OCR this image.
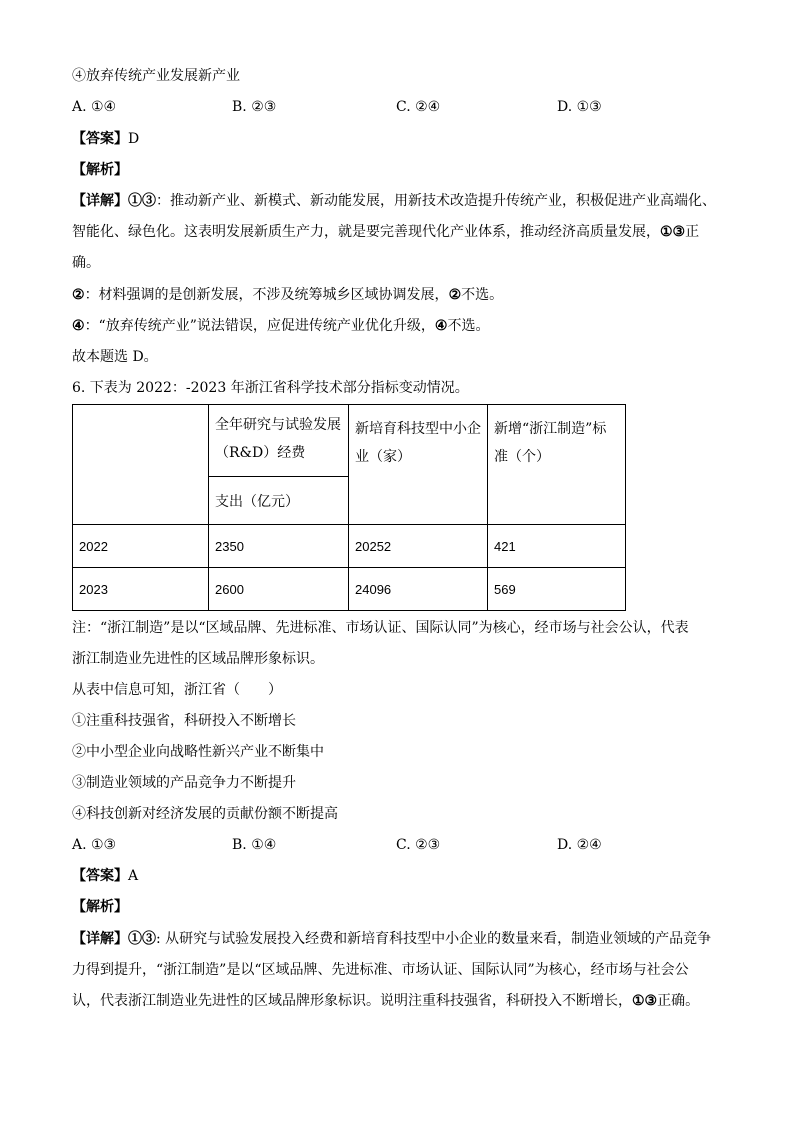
④放弃传统产业发展新产业
A. ①④	B. ②③	C. ②④	D. ①③
【答案】D
【解析】
【详解】①③：推动新产业、新模式、新动能发展，用新技术改造提升传统产业，积极促进产业高端化、
智能化、绿色化。这表明发展新质生产力，就是要完善现代化产业体系，推动经济高质量发展，①③正
确。
②：材料强调的是创新发展，不涉及统筹城乡区域协调发展，②不选。
④：“放弃传统产业”说法错误，应促进传统产业优化升级，④不选。
故本题选 D。
6. 下表为 2022：-2023 年浙江省科学技术部分指标变动情况。
	全年研究与试验发展（R&D）经费	新培育科技型中小企业（家）	新增“浙江制造”标准（个）
	支出（亿元）		
2022	2350	20252	421
2023	2600	24096	569
注：“浙江制造”是以“区域品牌、先进标准、市场认证、国际认同”为核心，经市场与社会公认，代表
浙江制造业先进性的区域品牌形象标识。
从表中信息可知，浙江省（　　）
①注重科技强省，科研投入不断增长
②中小型企业向战略性新兴产业不断集中
③制造业领域的产品竞争力不断提升
④科技创新对经济发展的贡献份额不断提高
A. ①③	B. ①④	C. ②③	D. ②④
【答案】A
【解析】
【详解】①③: 从研究与试验发展投入经费和新培育科技型中小企业的数量来看，制造业领域的产品竞争
力得到提升，“浙江制造”是以“区域品牌、先进标准、市场认证、国际认同”为核心，经市场与社会公
认，代表浙江制造业先进性的区域品牌形象标识。说明注重科技强省，科研投入不断增长，①③正确。
